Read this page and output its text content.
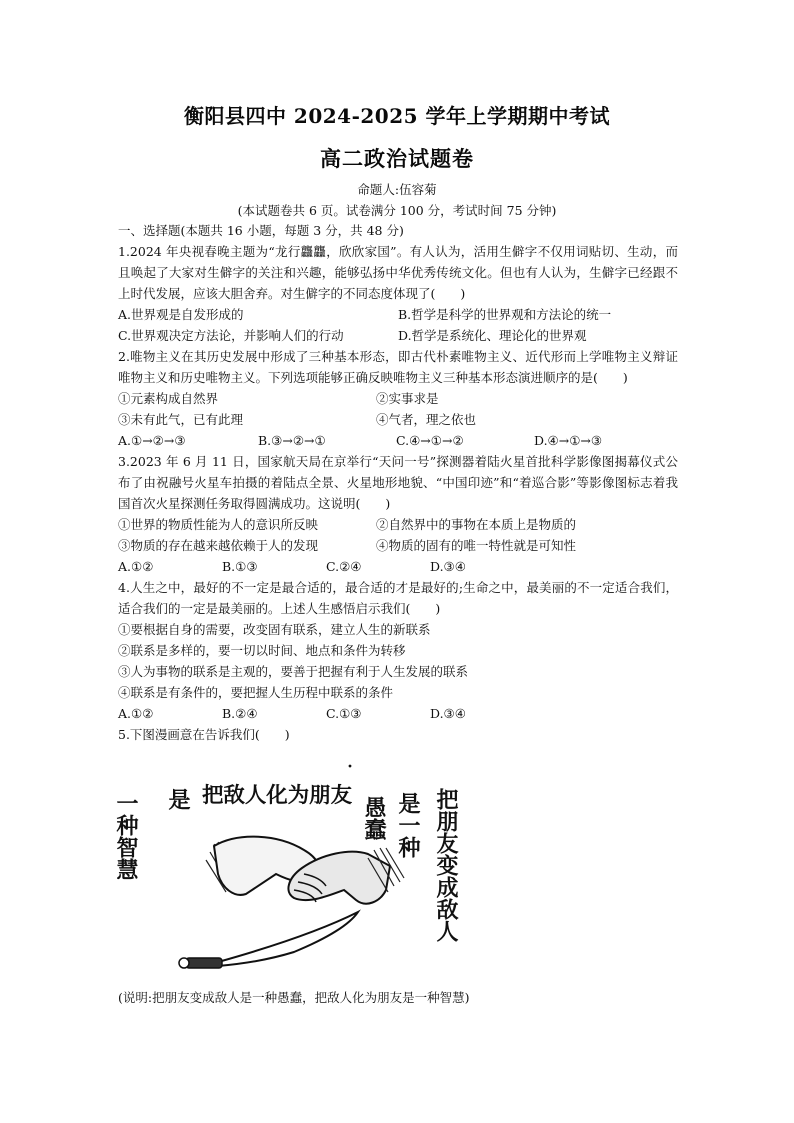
衡阳县四中 2024-2025 学年上学期期中考试
高二政治试题卷
命题人:伍容菊
(本试题卷共 6 页。试卷满分 100 分，考试时间 75 分钟)
一、选择题(本题共 16 小题，每题 3 分，共 48 分)
1.2024 年央视春晚主题为“龙行龘龘，欣欣家国”。有人认为，活用生僻字不仅用词贴切、生动，而且唤起了大家对生僻字的关注和兴趣，能够弘扬中华优秀传统文化。但也有人认为，生僻字已经跟不上时代发展，应该大胆舍弃。对生僻字的不同态度体现了(　　)
A.世界观是自发形成的	B.哲学是科学的世界观和方法论的统一
C.世界观决定方法论，并影响人们的行动	D.哲学是系统化、理论化的世界观
2.唯物主义在其历史发展中形成了三种基本形态，即古代朴素唯物主义、近代形而上学唯物主义辩证唯物主义和历史唯物主义。下列选项能够正确反映唯物主义三种基本形态演进顺序的是(　　)
①元素构成自然界	②实事求是
③未有此气，已有此理	④气者，理之依也
A.①→②→③	B.③→②→①	C.④→①→②	D.④→①→③
3.2023 年 6 月 11 日，国家航天局在京举行“天问一号”探测器着陆火星首批科学影像图揭幕仪式公布了由祝融号火星车拍摄的着陆点全景、火星地形地貌、“中国印迹”和“着巡合影”等影像图标志着我国首次火星探测任务取得圆满成功。这说明(　　)
①世界的物质性能为人的意识所反映	②自然界中的事物在本质上是物质的
③物质的存在越来越依赖于人的发现	④物质的固有的唯一特性就是可知性
A.①②	B.①③	C.②④	D.③④
4.人生之中，最好的不一定是最合适的，最合适的才是最好的;生命之中，最美丽的不一定适合我们，适合我们的一定是最美丽的。上述人生感悟启示我们(　　)
①要根据自身的需要，改变固有联系，建立人生的新联系
②联系是多样的，要一切以时间、地点和条件为转移
③人为事物的联系是主观的，要善于把握有利于人生发展的联系
④联系是有条件的，要把握人生历程中联系的条件
A.①②	B.②④	C.①③	D.③④
5.下图漫画意在告诉我们(　　)
一种智慧 是 把敌人化为朋友
愚蠢 是一种 把朋友变成敌人
(说明:把朋友变成敌人是一种愚蠢，把敌人化为朋友是一种智慧)
